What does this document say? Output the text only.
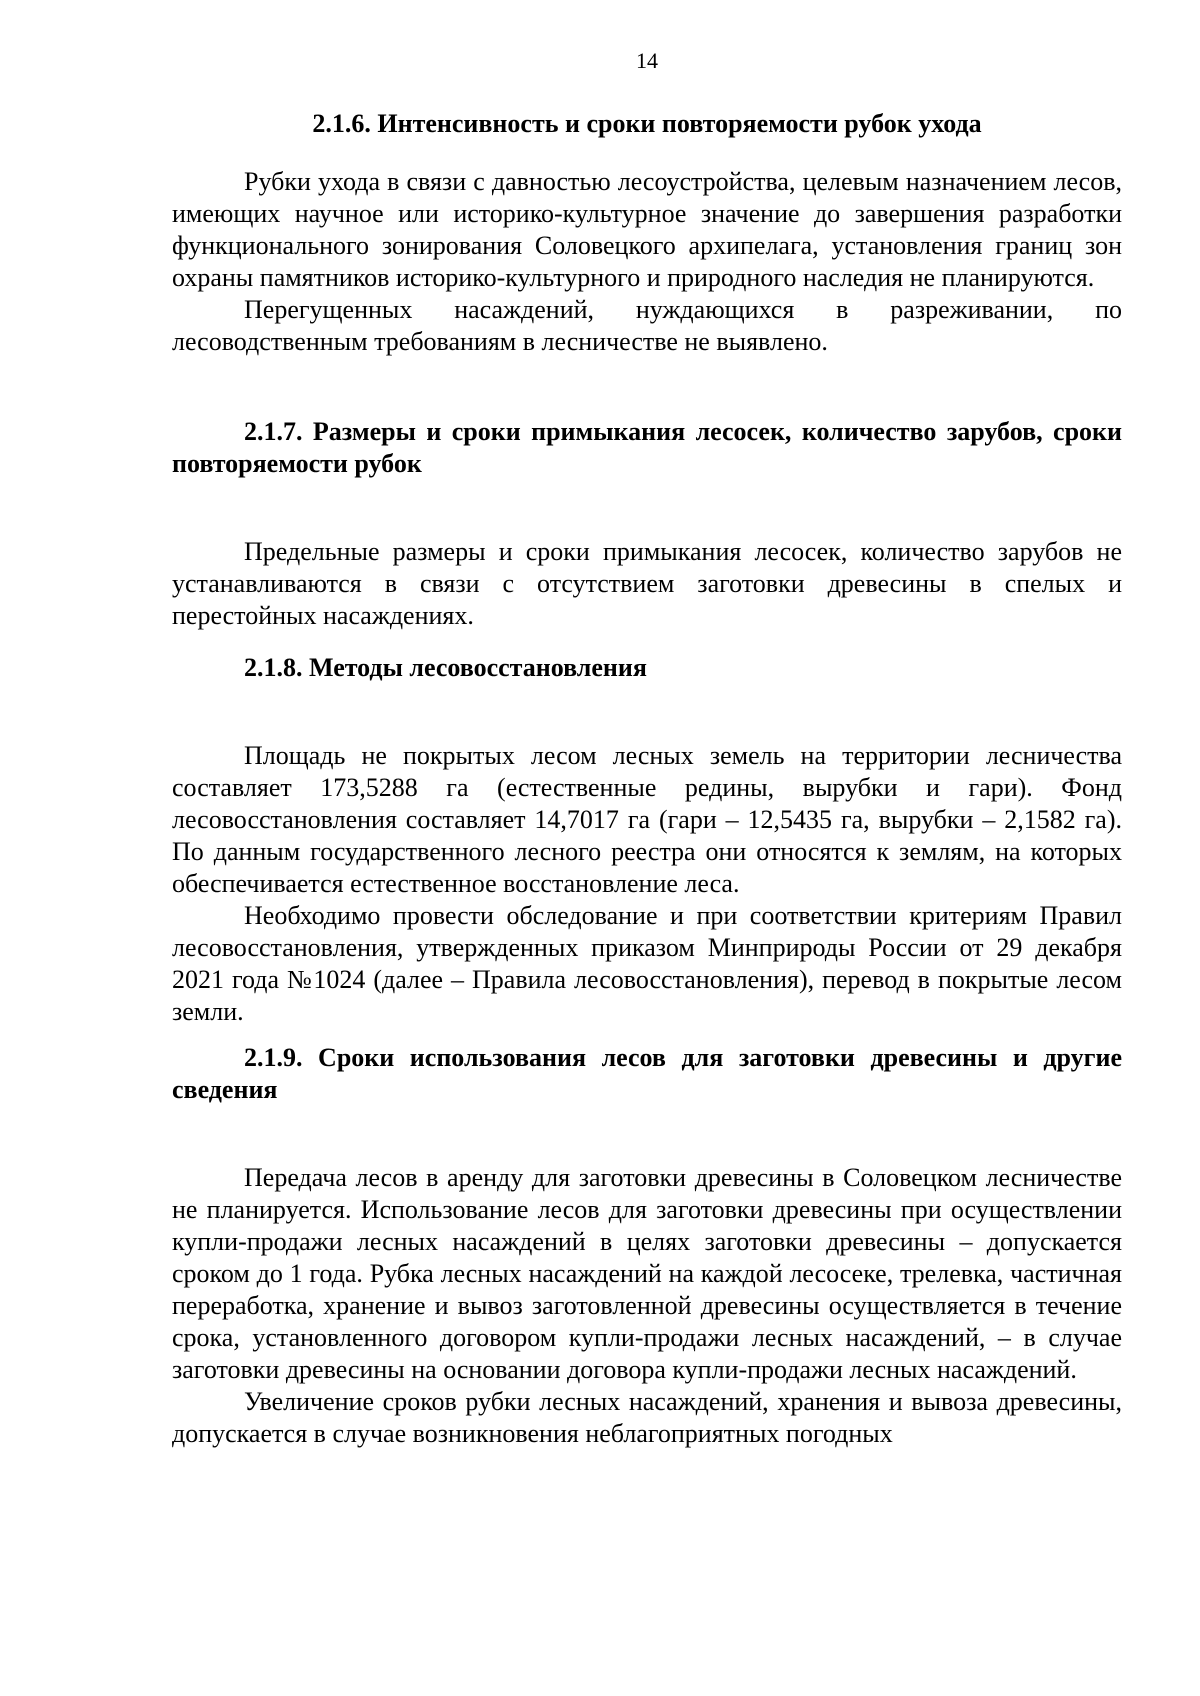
14
2.1.6. Интенсивность и сроки повторяемости рубок ухода

Рубки ухода в связи с давностью лесоустройства, целевым назначением лесов, имеющих научное или историко-культурное значение до завершения разработки функционального зонирования Соловецкого архипелага, установления границ зон охраны памятников историко-культурного и природного наследия не планируются.

Перегущенных насаждений, нуждающихся в разреживании, по лесоводственным требованиям в лесничестве не выявлено.

2.1.7. Размеры и сроки примыкания лесосек, количество зарубов, сроки повторяемости рубок

Предельные размеры и сроки примыкания лесосек, количество зарубов не устанавливаются в связи с отсутствием заготовки древесины в спелых и перестойных насаждениях.

2.1.8. Методы лесовосстановления

Площадь не покрытых лесом лесных земель на территории лесничества составляет 173,5288 га (естественные редины, вырубки и гари). Фонд лесовосстановления составляет 14,7017 га (гари – 12,5435 га, вырубки – 2,1582 га). По данным государственного лесного реестра они относятся к землям, на которых обеспечивается естественное восстановление леса.

Необходимо провести обследование и при соответствии критериям Правил лесовосстановления, утвержденных приказом Минприроды России от 29 декабря 2021 года №1024 (далее – Правила лесовосстановления), перевод в покрытые лесом земли.

2.1.9. Сроки использования лесов для заготовки древесины и другие сведения

Передача лесов в аренду для заготовки древесины в Соловецком лесничестве не планируется. Использование лесов для заготовки древесины при осуществлении купли-продажи лесных насаждений в целях заготовки древесины – допускается сроком до 1 года. Рубка лесных насаждений на каждой лесосеке, трелевка, частичная переработка, хранение и вывоз заготовленной древесины осуществляется в течение срока, установленного договором купли-продажи лесных насаждений, – в случае заготовки древесины на основании договора купли-продажи лесных насаждений.

Увеличение сроков рубки лесных насаждений, хранения и вывоза древесины, допускается в случае возникновения неблагоприятных погодных
